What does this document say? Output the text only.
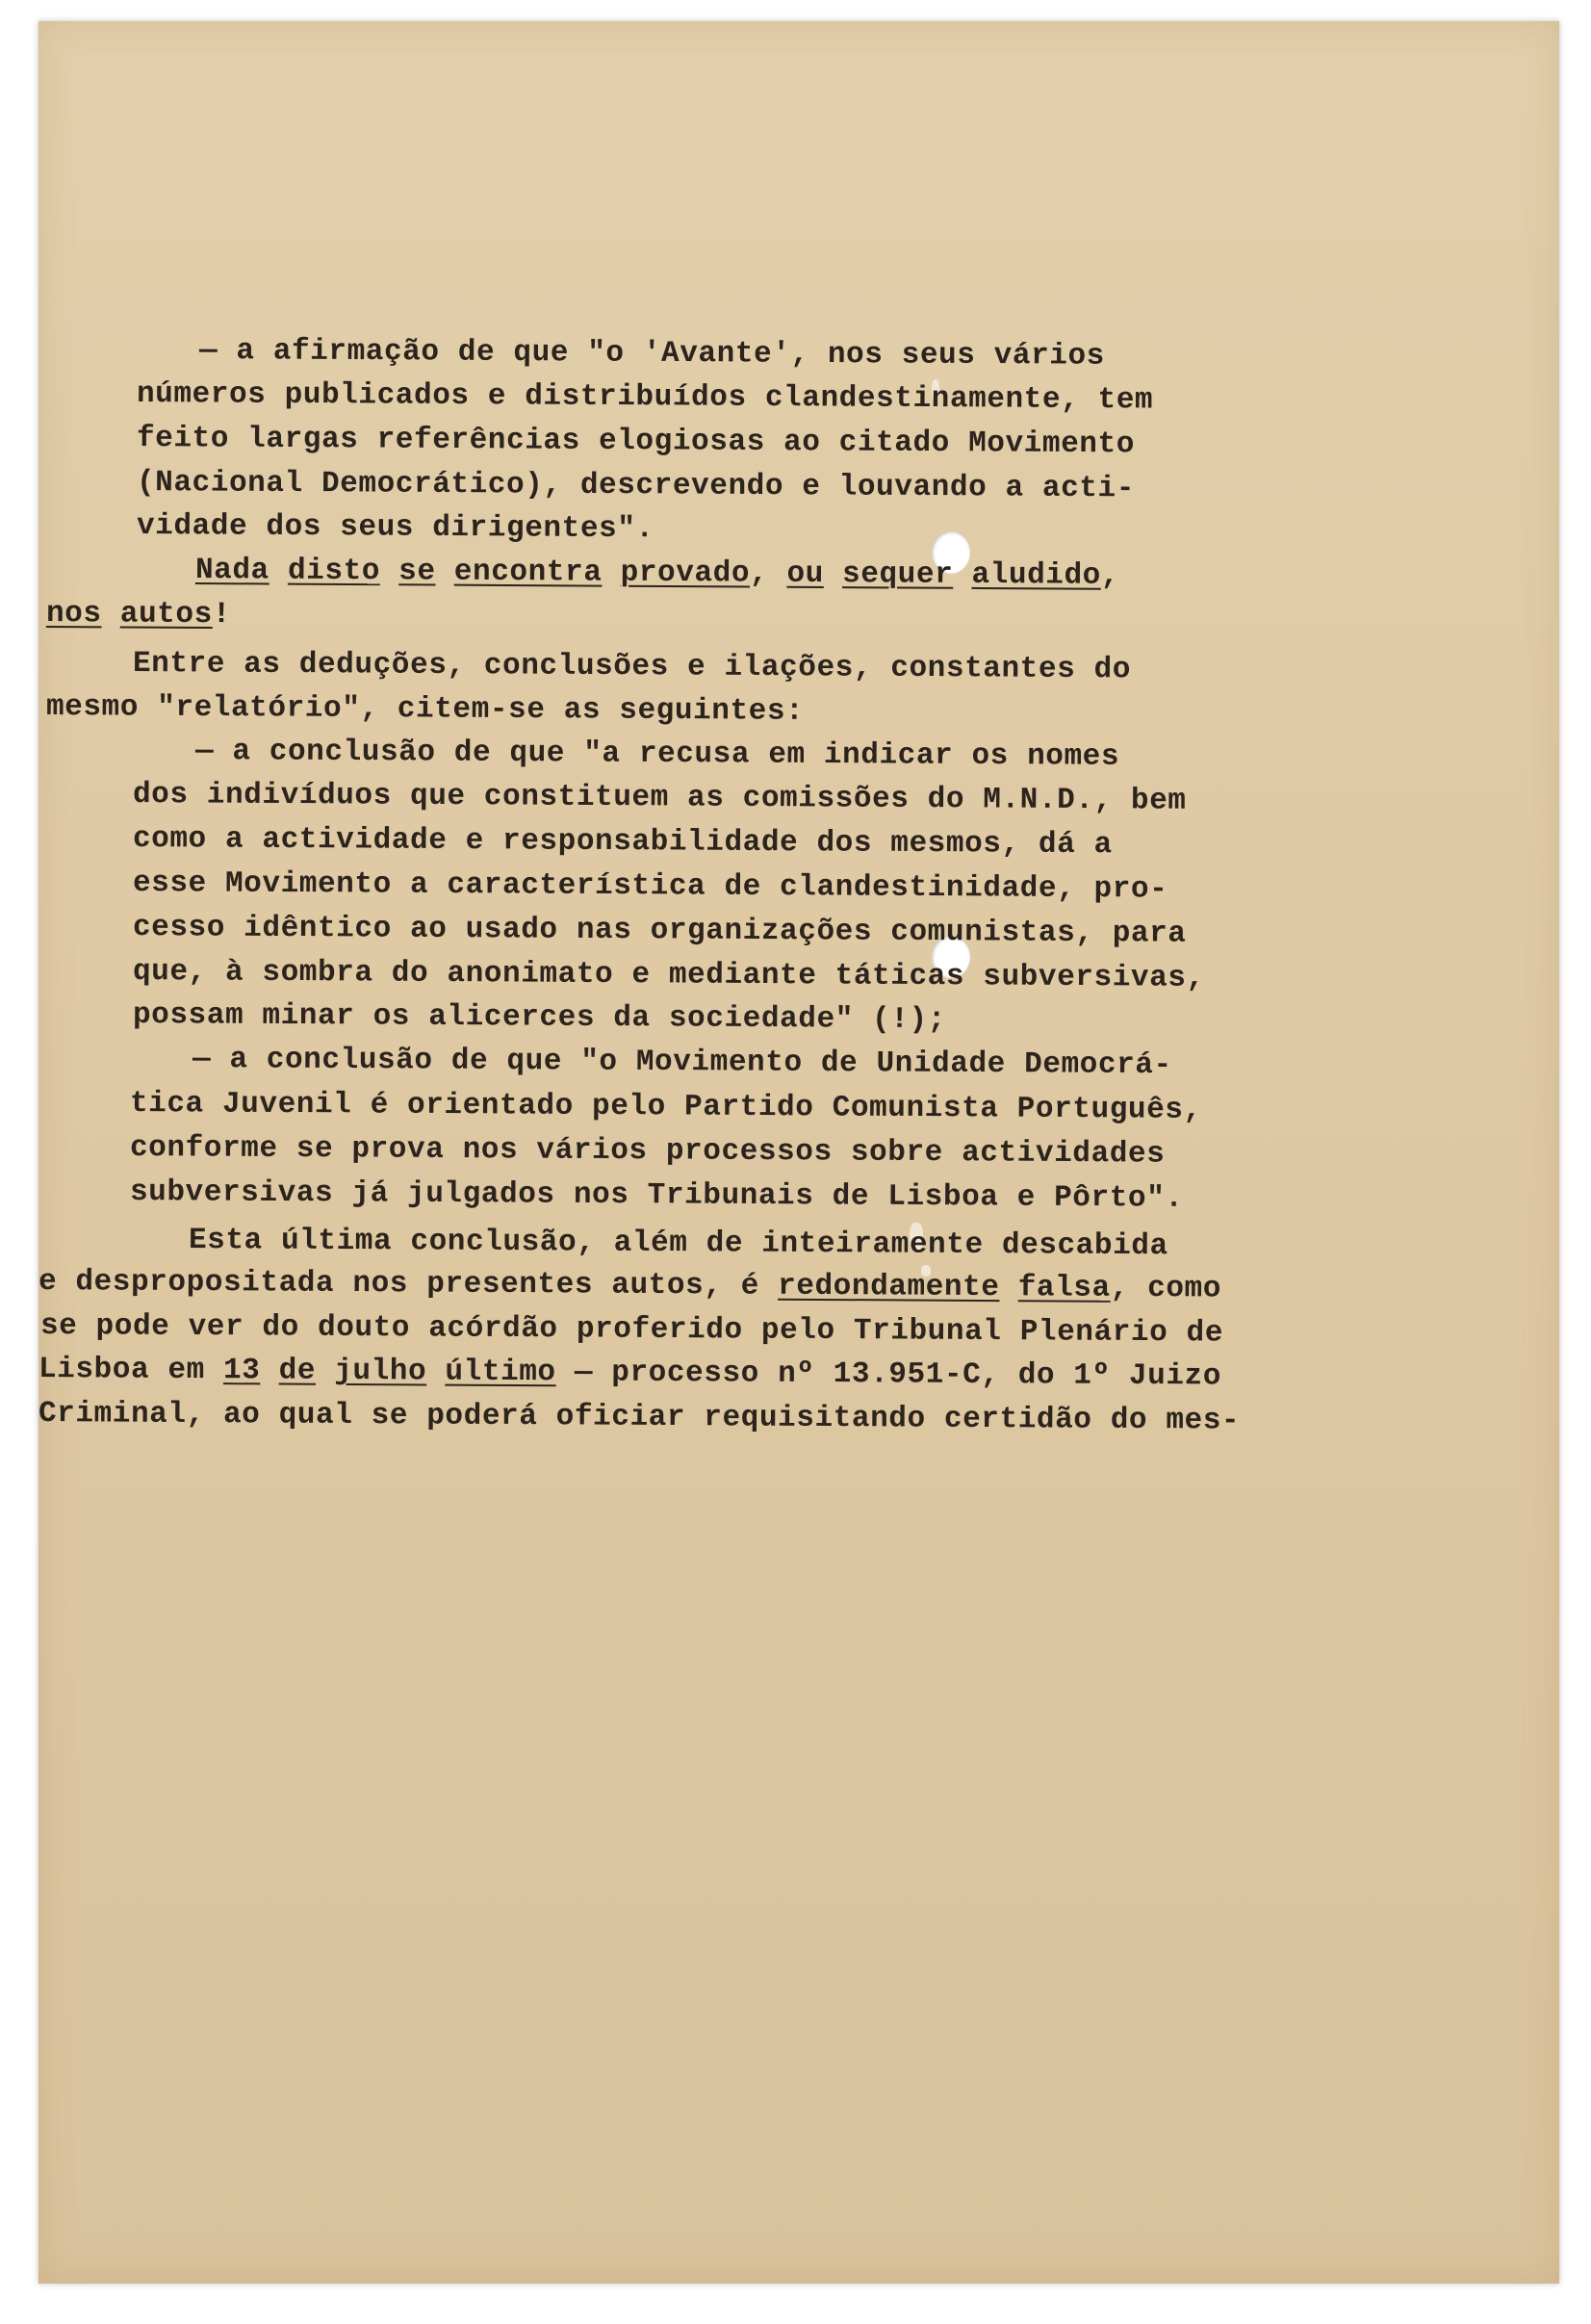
— a afirmação de que "o 'Avante', nos seus vários
números publicados e distribuídos clandestinamente, tem
feito largas referências elogiosas ao citado Movimento
(Nacional Democrático), descrevendo e louvando a acti-
vidade dos seus dirigentes".
Nada disto se encontra provado, ou sequer aludido,
nos autos!
Entre as deduções, conclusões e ilações, constantes do
mesmo "relatório", citem-se as seguintes:
— a conclusão de que "a recusa em indicar os nomes
dos indivíduos que constituem as comissões do M.N.D., bem
como a actividade e responsabilidade dos mesmos, dá a
esse Movimento a característica de clandestinidade, pro-
cesso idêntico ao usado nas organizações comunistas, para
que, à sombra do anonimato e mediante táticas subversivas,
possam minar os alicerces da sociedade" (!);
— a conclusão de que "o Movimento de Unidade Democrá-
tica Juvenil é orientado pelo Partido Comunista Português,
conforme se prova nos vários processos sobre actividades
subversivas já julgados nos Tribunais de Lisboa e Pôrto".
Esta última conclusão, além de inteiramente descabida
e despropositada nos presentes autos, é redondamente falsa, como
se pode ver do douto acórdão proferido pelo Tribunal Plenário de
Lisboa em 13 de julho último — processo nº 13.951-C, do 1º Juizo
Criminal, ao qual se poderá oficiar requisitando certidão do mes-
